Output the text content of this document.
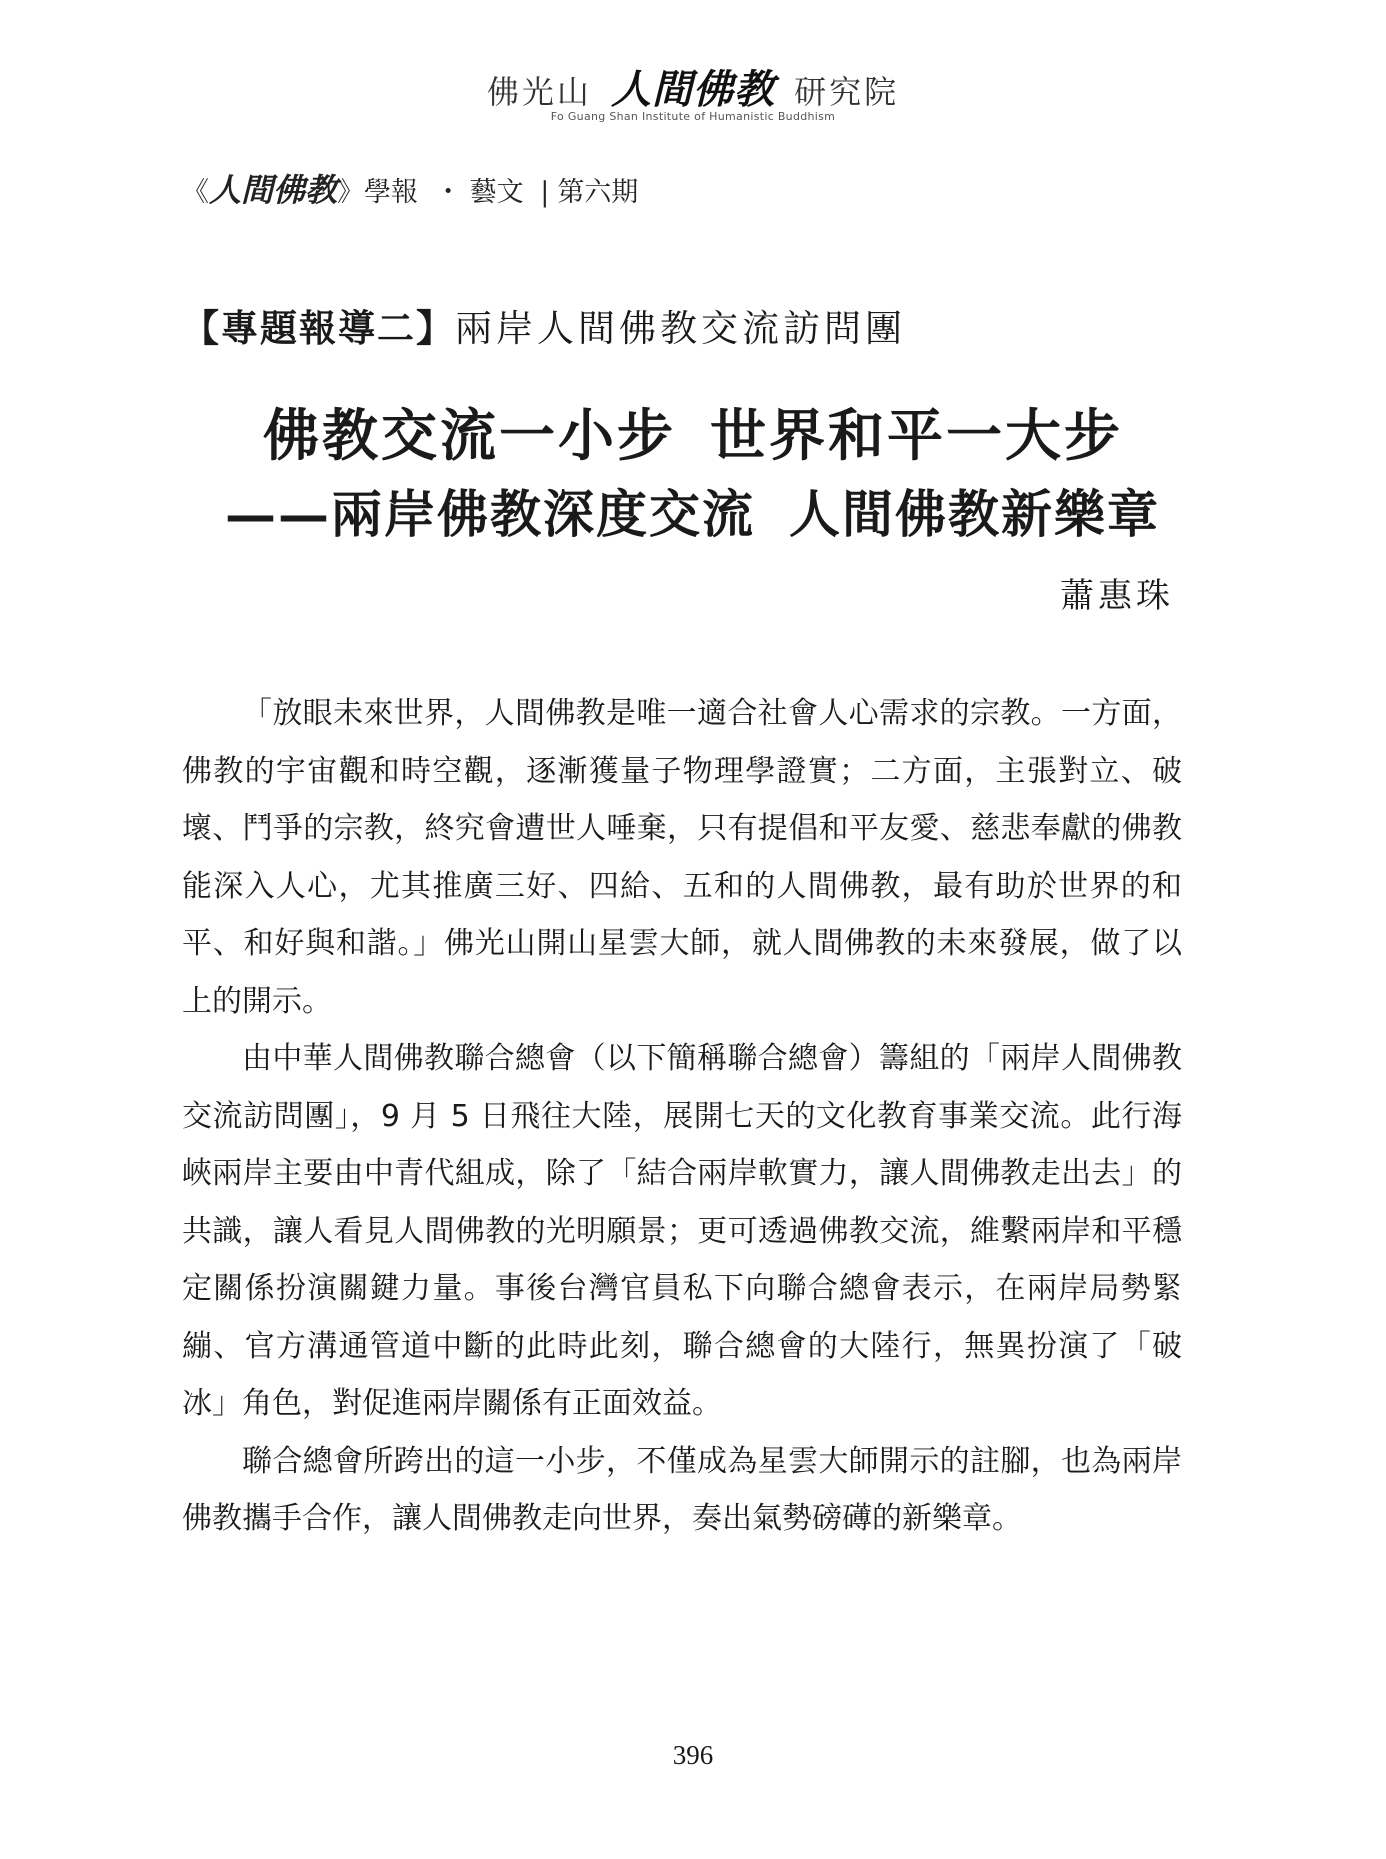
佛光山 人間佛教 研究院
Fo Guang Shan Institute of Humanistic Buddhism
《人間佛教》學報 ・ 藝文 | 第六期
【專題報導二】兩岸人間佛教交流訪問團
佛教交流一小步 世界和平一大步
——兩岸佛教深度交流 人間佛教新樂章
蕭惠珠

「放眼未來世界，人間佛教是唯一適合社會人心需求的宗教。一方面，佛教的宇宙觀和時空觀，逐漸獲量子物理學證實；二方面，主張對立、破壞、鬥爭的宗教，終究會遭世人唾棄，只有提倡和平友愛、慈悲奉獻的佛教能深入人心，尤其推廣三好、四給、五和的人間佛教，最有助於世界的和平、和好與和諧。」佛光山開山星雲大師，就人間佛教的未來發展，做了以上的開示。

由中華人間佛教聯合總會（以下簡稱聯合總會）籌組的「兩岸人間佛教交流訪問團」，9 月 5 日飛往大陸，展開七天的文化教育事業交流。此行海峽兩岸主要由中青代組成，除了「結合兩岸軟實力，讓人間佛教走出去」的共識，讓人看見人間佛教的光明願景；更可透過佛教交流，維繫兩岸和平穩定關係扮演關鍵力量。事後台灣官員私下向聯合總會表示，在兩岸局勢緊繃、官方溝通管道中斷的此時此刻，聯合總會的大陸行，無異扮演了「破冰」角色，對促進兩岸關係有正面效益。

聯合總會所跨出的這一小步，不僅成為星雲大師開示的註腳，也為兩岸佛教攜手合作，讓人間佛教走向世界，奏出氣勢磅礡的新樂章。

396
